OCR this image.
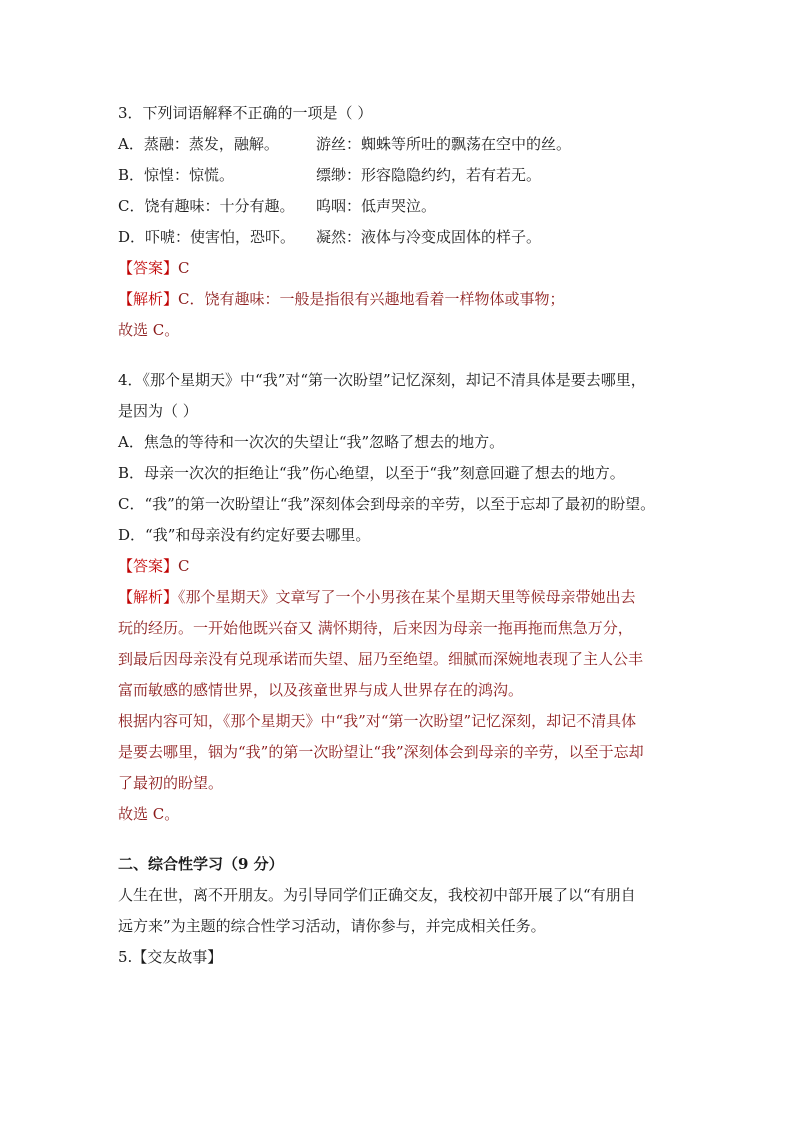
3．下列词语解释不正确的一项是（ ）
A．蒸融：蒸发，融解。 游丝：蜘蛛等所吐的飘荡在空中的丝。
B．惊惶：惊慌。	缥缈：形容隐隐约约，若有若无。
C．饶有趣味：十分有趣。 呜咽：低声哭泣。
D．吓唬：使害怕，恐吓。 凝然：液体与冷变成固体的样子。
【答案】C
【解析】C．饶有趣味：一般是指很有兴趣地看着一样物体或事物；
故选 C。
4．《那个星期天》中“我”对“第一次盼望”记忆深刻，却记不清具体是要去哪里，
是因为（ ）
A．焦急的等待和一次次的失望让“我”忽略了想去的地方。
B．母亲一次次的拒绝让“我”伤心绝望，以至于“我”刻意回避了想去的地方。
C．“我”的第一次盼望让“我”深刻体会到母亲的辛劳，以至于忘却了最初的盼望。
D．“我”和母亲没有约定好要去哪里。
【答案】C
【解析】《那个星期天》文章写了一个小男孩在某个星期天里等候母亲带她出去
玩的经历。一开始他既兴奋又 满怀期待，后来因为母亲一拖再拖而焦急万分，
到最后因母亲没有兑现承诺而失望、屈乃至绝望。细腻而深婉地表现了主人公丰
富而敏感的感情世界，以及孩童世界与成人世界存在的鸿沟。
根据内容可知，《那个星期天》中“我”对“第一次盼望”记忆深刻，却记不清具体
是要去哪里，铟为“我”的第一次盼望让“我”深刻体会到母亲的辛劳，以至于忘却
了最初的盼望。
故选 C。
二、综合性学习（9 分）
人生在世，离不开朋友。为引导同学们正确交友，我校初中部开展了以“有朋自
远方来”为主题的综合性学习活动，请你参与，并完成相关任务。
5.【交友故事】
